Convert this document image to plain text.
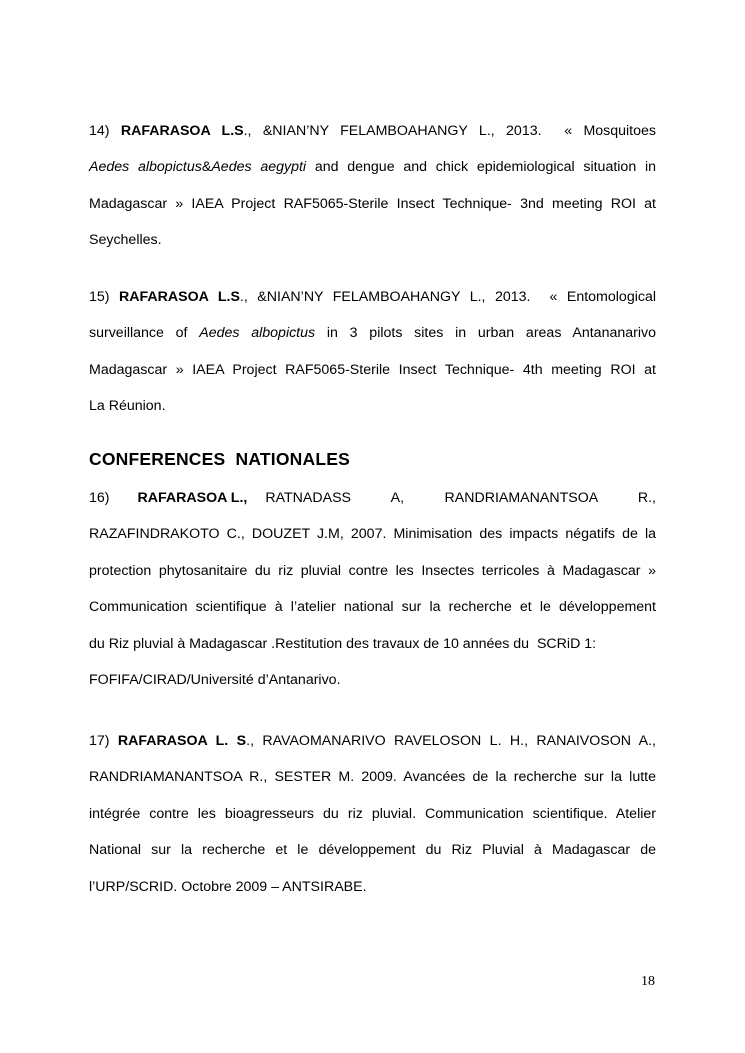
14) RAFARASOA L.S., &NIAN’NY FELAMBOAHANGY L., 2013.  « Mosquitoes
Aedes albopictus&Aedes aegypti and dengue and chick epidemiological situation in
Madagascar » IAEA Project RAF5065-Sterile Insect Technique- 3nd meeting ROI at
Seychelles.
15) RAFARASOA L.S., &NIAN’NY FELAMBOAHANGY L., 2013.  « Entomological
surveillance of Aedes albopictus in 3 pilots sites in urban areas Antananarivo
Madagascar » IAEA Project RAF5065-Sterile Insect Technique- 4th meeting ROI at
La Réunion.
CONFERENCES  NATIONALES
16) RAFARASOA L., RATNADASS A, RANDRIAMANANTSOA R.,
RAZAFINDRAKOTO C., DOUZET J.M, 2007. Minimisation des impacts négatifs de la
protection phytosanitaire du riz pluvial contre les Insectes terricoles à Madagascar »
Communication scientifique à l’atelier national sur la recherche et le développement
du Riz pluvial à Madagascar .Restitution des travaux de 10 années du  SCRiD 1:
FOFIFA/CIRAD/Université d’Antanarivo.
17) RAFARASOA L. S., RAVAOMANARIVO RAVELOSON L. H., RANAIVOSON A.,
RANDRIAMANANTSOA R., SESTER M. 2009. Avancées de la recherche sur la lutte
intégrée contre les bioagresseurs du riz pluvial. Communication scientifique. Atelier
National sur la recherche et le développement du Riz Pluvial à Madagascar de
l’URP/SCRID. Octobre 2009 – ANTSIRABE.
18
